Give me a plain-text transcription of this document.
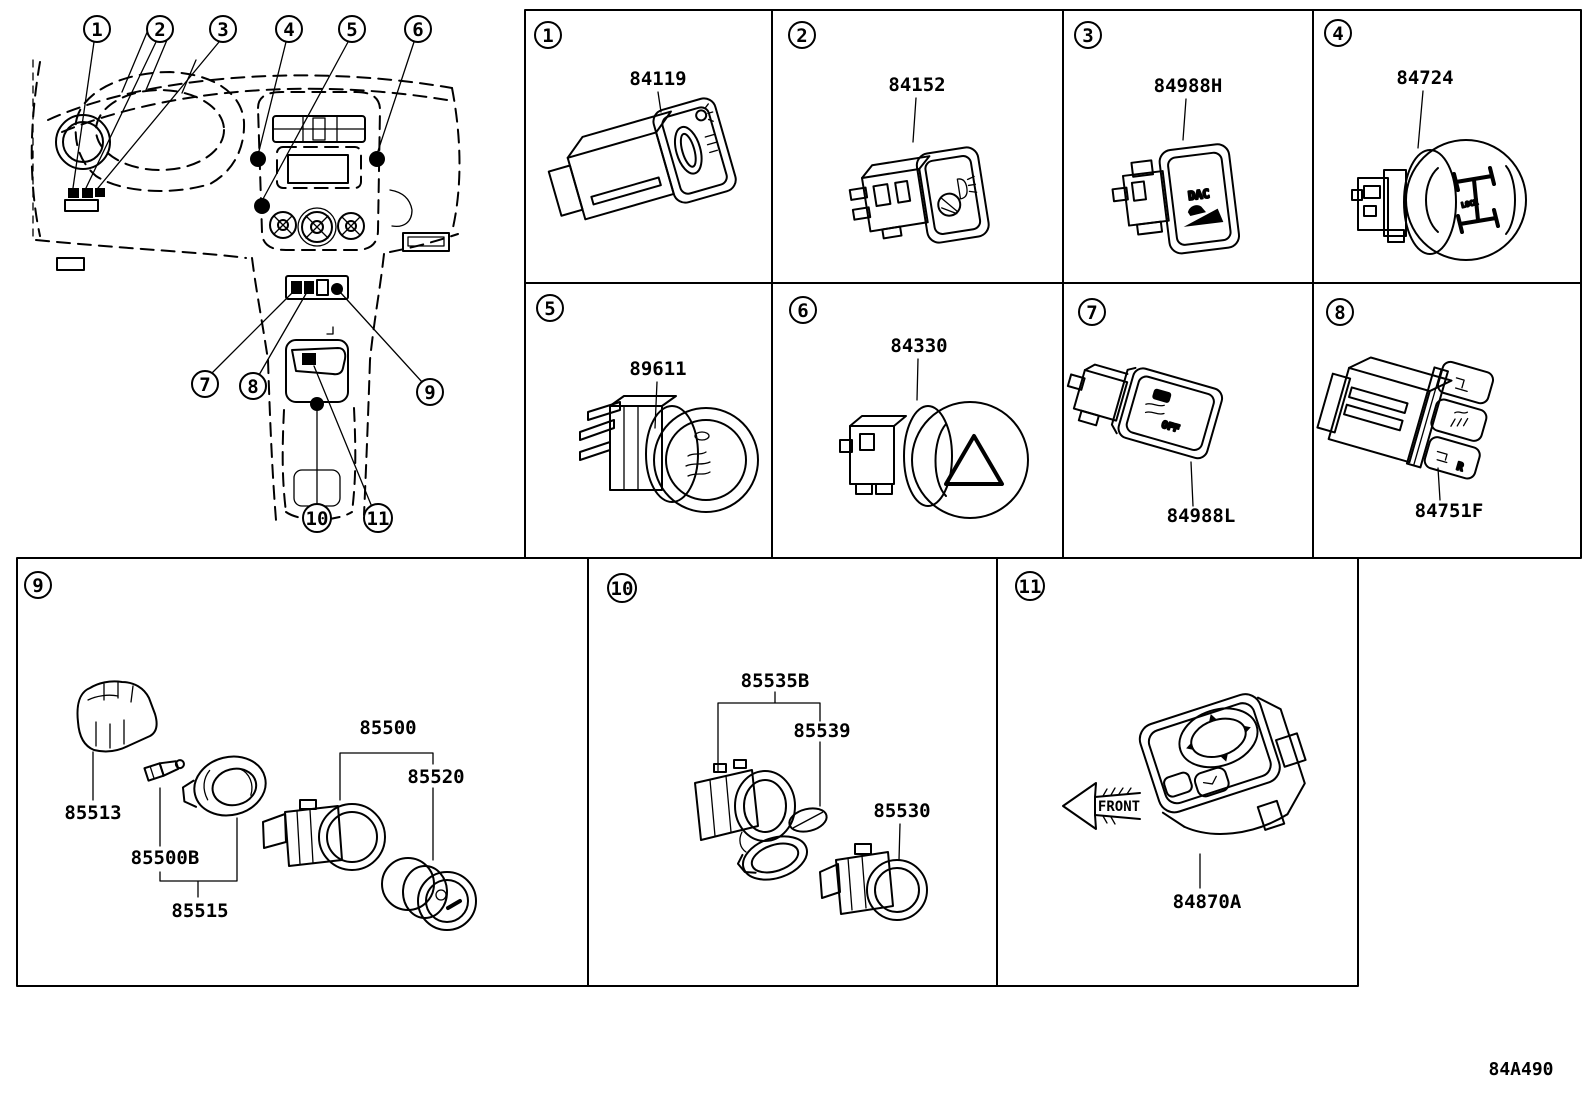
1	2	3	4	5	6
7 8	9
10 11
1
84119
2
84152
3
84988H
DAC
4
84724
LOCK
5
89611
6
84330
7
84988L
OFF
8
84751F
R
9
85513
85500B
85515
85500
85520
10
85535B
85539
85530
11
84870A
FRONT
84A490
